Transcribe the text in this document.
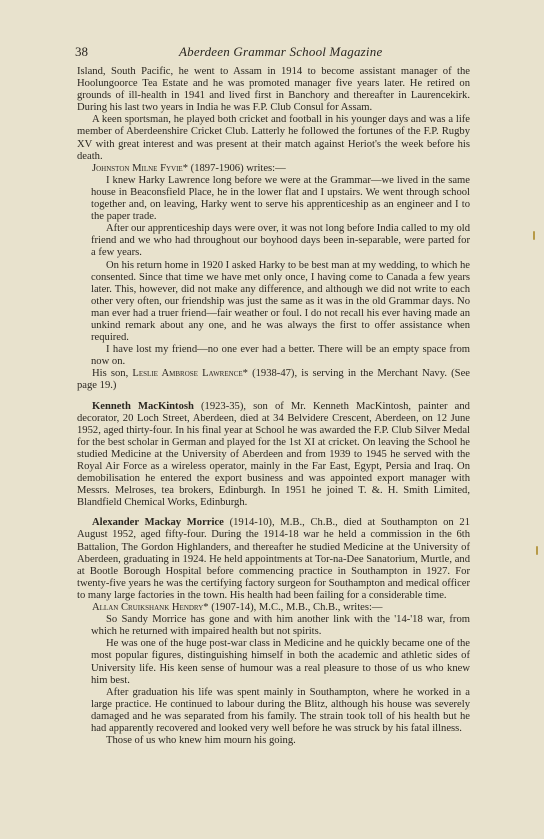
38	Aberdeen Grammar School Magazine

Island, South Pacific, he went to Assam in 1914 to become assistant manager of the Hoolungoorce Tea Estate and he was promoted manager five years later. He retired on grounds of ill-health in 1941 and lived first in Banchory and thereafter in Laurencekirk. During his last two years in India he was F.P. Club Consul for Assam.

A keen sportsman, he played both cricket and football in his younger days and was a life member of Aberdeenshire Cricket Club. Latterly he followed the fortunes of the F.P. Rugby XV with great interest and was present at their match against Heriot's the week before his death.

Johnston Milne Fyvie* (1897-1906) writes:—

I knew Harky Lawrence long before we were at the Grammar—we lived in the same house in Beaconsfield Place, he in the lower flat and I upstairs. We went through school together and, on leaving, Harky went to serve his apprenticeship as an engineer and I to the paper trade.

After our apprenticeship days were over, it was not long before India called to my old friend and we who had throughout our boyhood days been in-separable, were parted for a few years.

On his return home in 1920 I asked Harky to be best man at my wedding, to which he consented. Since that time we have met only once, I having come to Canada a few years later. This, however, did not make any difference, and although we did not write to each other very often, our friendship was just the same as it was in the old Grammar days. No man ever had a truer friend—fair weather or foul. I do not recall his ever having made an unkind remark about any one, and he was always the first to offer assistance when required.

I have lost my friend—no one ever had a better. There will be an empty space from now on.

His son, Leslie Ambrose Lawrence* (1938-47), is serving in the Merchant Navy. (See page 19.)

Kenneth MacKintosh (1923-35), son of Mr. Kenneth MacKintosh, painter and decorator, 20 Loch Street, Aberdeen, died at 34 Belvidere Crescent, Aberdeen, on 12 June 1952, aged thirty-four. In his final year at School he was awarded the F.P. Club Silver Medal for the best scholar in German and played for the 1st XI at cricket. On leaving the School he studied Medicine at the University of Aberdeen and from 1939 to 1945 he served with the Royal Air Force as a wireless operator, mainly in the Far East, Egypt, Persia and Iraq. On demobilisation he entered the export business and was appointed export manager with Messrs. Melroses, tea brokers, Edinburgh. In 1951 he joined T. &. H. Smith Limited, Blandfield Chemical Works, Edinburgh.

Alexander Mackay Morrice (1914-10), M.B., Ch.B., died at Southampton on 21 August 1952, aged fifty-four. During the 1914-18 war he held a commission in the 6th Battalion, The Gordon Highlanders, and thereafter he studied Medicine at the University of Aberdeen, graduating in 1924. He held appointments at Tor-na-Dee Sanatorium, Murtle, and at Bootle Borough Hospital before commencing practice in Southampton in 1927. For twenty-five years he was the certifying factory surgeon for Southampton and medical officer to many large factories in the town. His health had been failing for a considerable time.

Allan Cruikshank Hendry* (1907-14), M.C., M.B., Ch.B., writes:—

So Sandy Morrice has gone and with him another link with the '14-'18 war, from which he returned with impaired health but not spirits.

He was one of the huge post-war class in Medicine and he quickly became one of the most popular figures, distinguishing himself in both the academic and athletic sides of University life. His keen sense of humour was a real pleasure to those of us who knew him best.

After graduation his life was spent mainly in Southampton, where he worked in a large practice. He continued to labour during the Blitz, although his house was severely damaged and he was separated from his family. The strain took toll of his health but he had apparently recovered and looked very well before he was struck by his fatal illness.

Those of us who knew him mourn his going.
